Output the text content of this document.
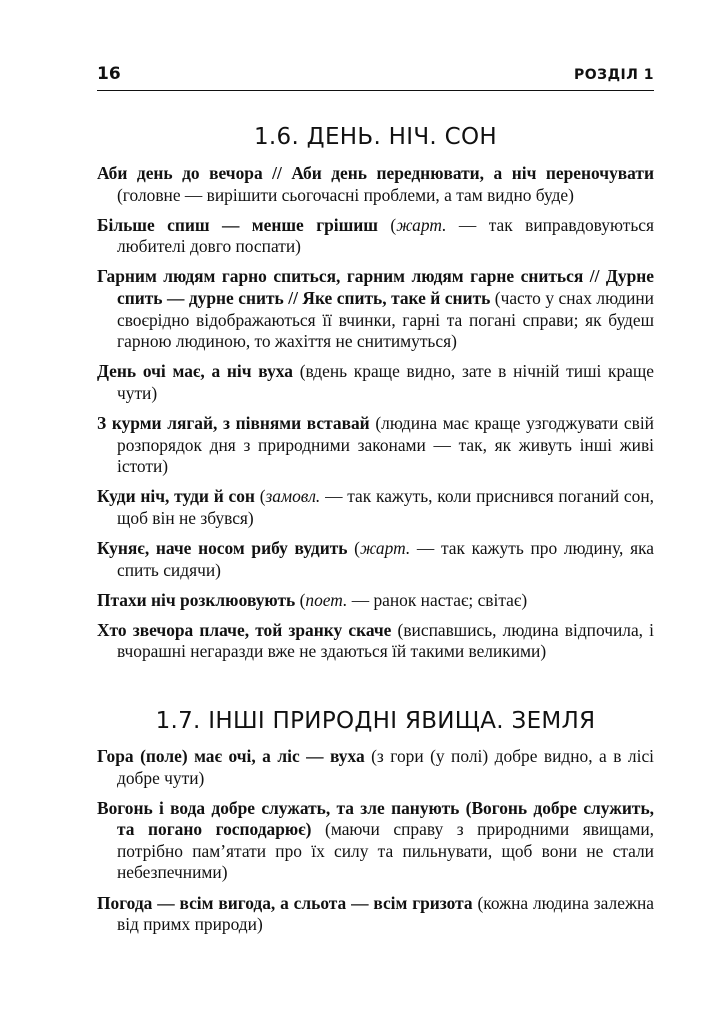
16	РОЗДІЛ 1
1.6. ДЕНЬ. НІЧ. СОН

Аби день до вечора // Аби день переднювати, а ніч переночувати (головне — вирішити сьогочасні проблеми, а там видно буде)

Більше спиш — менше грішиш (жарт. — так виправдовуються любителі довго поспати)

Гарним людям гарно спиться, гарним людям гарне сниться // Дурне спить — дурне снить // Яке спить, таке й снить (часто у снах людини своєрідно відображаються її вчинки, гарні та погані справи; як будеш гарною людиною, то жахіття не снитимуться)

День очі має, а ніч вуха (вдень краще видно, зате в нічній тиші краще чути)

З курми лягай, з півнями вставай (людина має краще узгоджувати свій розпорядок дня з природними законами — так, як живуть інші живі істоти)

Куди ніч, туди й сон (замовл. — так кажуть, коли приснився поганий сон, щоб він не збувся)

Куняє, наче носом рибу вудить (жарт. — так кажуть про людину, яка спить сидячи)

Птахи ніч розклюовують (поет. — ранок настає; світає)

Хто звечора плаче, той зранку скаче (виспавшись, людина відпочила, і вчорашні негаразди вже не здаються їй такими великими)

1.7. ІНШІ ПРИРОДНІ ЯВИЩА. ЗЕМЛЯ

Гора (поле) має очі, а ліс — вуха (з гори (у полі) добре видно, а в лісі добре чути)

Вогонь і вода добре служать, та зле панують (Вогонь добре служить, та погано господарює) (маючи справу з природними явищами, потрібно пам’ятати про їх силу та пильнувати, щоб вони не стали небезпечними)

Погода — всім вигода, а сльота — всім гризота (кожна людина залежна від примх природи)
